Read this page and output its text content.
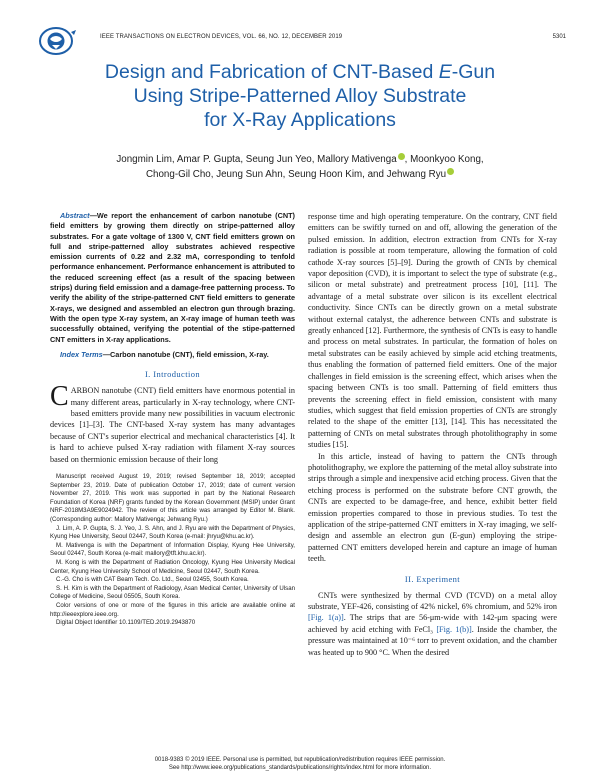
IEEE TRANSACTIONS ON ELECTRON DEVICES, VOL. 66, NO. 12, DECEMBER 2019	5301
Design and Fabrication of CNT-Based E-Gun
Using Stripe-Patterned Alloy Substrate
for X-Ray Applications
Jongmin Lim, Amar P. Gupta, Seung Jun Yeo, Mallory Mativenga , Moonkyoo Kong,
Chong-Gil Cho, Jeung Sun Ahn, Seung Hoon Kim, and Jehwang Ryu
Abstract—We report the enhancement of carbon nanotube (CNT) field emitters by growing them directly on stripe-patterned alloy substrates. For a gate voltage of 1300 V, CNT field emitters grown on full and stripe-patterned alloy substrates achieved respective emission currents of 0.22 and 2.32 mA, corresponding to tenfold performance enhancement. Performance enhancement is attributed to the reduced screening effect (as a result of the spacing between strips) during field emission and a damage-free patterning process. To verify the ability of the stripe-patterned CNT field emitters to generate X-rays, we designed and assembled an electron gun through brazing. With the open type X-ray system, an X-ray image of human teeth was successfully obtained, verifying the potential of the stipe-patterned CNT emitters in X-ray applications.
Index Terms—Carbon nanotube (CNT), field emission, X-ray.
I. Introduction
CARBON nanotube (CNT) field emitters have enormous potential in many different areas, particularly in X-ray technology, where CNT-based emitters provide many new possibilities in vacuum electronic devices [1]–[3]. The CNT-based X-ray system has many advantages because of CNT's superior electrical and mechanical characteristics [4]. It is hard to achieve pulsed X-ray radiation with filament X-ray sources based on thermionic emission because of their long

Manuscript received August 19, 2019; revised September 18, 2019; accepted September 23, 2019. Date of publication October 17, 2019; date of current version November 27, 2019. This work was supported in part by the National Research Foundation of Korea (NRF) grants funded by the Korean Government (MSIP) under Grant NRF-2018M3A9E9024942. The review of this article was arranged by Editor M. Blank. (Corresponding author: Mallory Mativenga; Jehwang Ryu.)

J. Lim, A. P. Gupta, S. J. Yeo, J. S. Ahn, and J. Ryu are with the Department of Physics, Kyung Hee University, Seoul 02447, South Korea (e-mail: jhryu@khu.ac.kr).

M. Mativenga is with the Department of Information Display, Kyung Hee University, Seoul 02447, South Korea (e-mail: mallory@tft.khu.ac.kr).

M. Kong is with the Department of Radiation Oncology, Kyung Hee University Medical Center, Kyung Hee University School of Medicine, Seoul 02447, South Korea.

C.-G. Cho is with CAT Beam Tech. Co. Ltd., Seoul 02455, South Korea.

S. H. Kim is with the Department of Radiology, Asan Medical Center, University of Ulsan College of Medicine, Seoul 05505, South Korea.

Color versions of one or more of the figures in this article are available online at http://ieeexplore.ieee.org.

Digital Object Identifier 10.1109/TED.2019.2943870

response time and high operating temperature. On the contrary, CNT field emitters can be swiftly turned on and off, allowing the generation of the pulsed emission. In addition, electron extraction from CNTs for X-ray radiation is possible at room temperature, allowing the formation of cold cathode X-ray sources [5]–[9]. During the growth of CNTs by chemical vapor deposition (CVD), it is important to select the type of substrate (e.g., silicon or metal substrate) and pretreatment process [10], [11]. The advantage of a metal substrate over silicon is its excellent electrical conductivity. Since CNTs can be directly grown on a metal substrate without external catalyst, the adherence between CNTs and substrate is greatly enhanced [12]. Furthermore, the synthesis of CNTs is easy to handle and process on metal substrates. In particular, the formation of holes on metal substrates can be easily achieved by simple acid etching treatments, thus enabling the formation of patterned field emitters. One of the major challenges in field emission is the screening effect, which arises when the spacing between CNTs is too small. Patterning of field emitters thus prevents the screening effect in field emission, consistent with many studies, which suggest that field emission properties of CNTs are strongly related to the shape of the emitter [13], [14]. This has necessitated the patterning of CNTs on metal substrates through photolithography in some studies [15].

In this article, instead of having to pattern the CNTs through photolithography, we explore the patterning of the metal alloy substrate into strips through a simple and inexpensive acid etching process. Given that the etching process is performed on the substrate before CNT growth, the CNTs are expected to be damage-free, and hence, exhibit better field emission properties compared to those in previous studies. To test the application of the stripe-patterned CNT emitters in X-ray imaging, we self-design and assemble an electron gun (E-gun) employing the stripe-patterned CNT emitters developed herein and capture an image of human teeth.

II. Experiment

CNTs were synthesized by thermal CVD (TCVD) on a metal alloy substrate, YEF-426, consisting of 42% nickel, 6% chromium, and 52% iron [Fig. 1(a)]. The strips that are 56-μm-wide with 142-μm spacing were achieved by acid etching with FeCl₃ [Fig. 1(b)]. Inside the chamber, the pressure was maintained at 10⁻⁶ torr to prevent oxidation, and the chamber was heated up to 900 °C. When the desired

0018-9383 © 2019 IEEE. Personal use is permitted, but republication/redistribution requires IEEE permission.
See http://www.ieee.org/publications_standards/publications/rights/index.html for more information.
